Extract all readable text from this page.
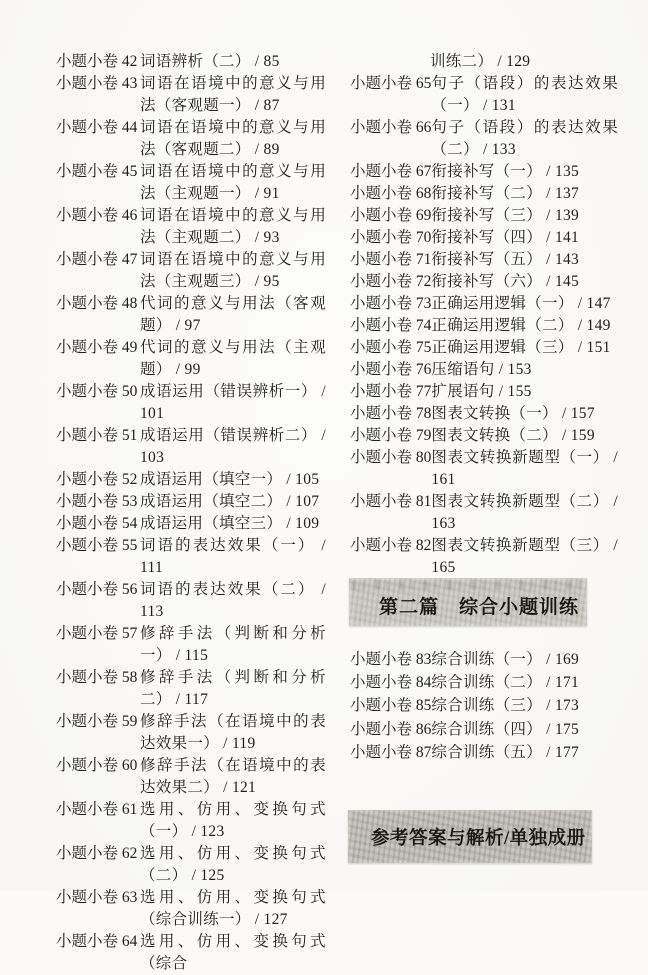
小题小卷 42 词语辨析（二） / 85
小题小卷 43 词语在语境中的意义与用法（客观题一） / 87
小题小卷 44 词语在语境中的意义与用法（客观题二） / 89
小题小卷 45 词语在语境中的意义与用法（主观题一） / 91
小题小卷 46 词语在语境中的意义与用法（主观题二） / 93
小题小卷 47 词语在语境中的意义与用法（主观题三） / 95
小题小卷 48 代词的意义与用法（客观题） / 97
小题小卷 49 代词的意义与用法（主观题） / 99
小题小卷 50 成语运用（错误辨析一） / 101
小题小卷 51 成语运用（错误辨析二） / 103
小题小卷 52 成语运用（填空一） / 105
小题小卷 53 成语运用（填空二） / 107
小题小卷 54 成语运用（填空三） / 109
小题小卷 55 词语的表达效果（一） / 111
小题小卷 56 词语的表达效果（二） / 113
小题小卷 57 修辞手法（判断和分析一） / 115
小题小卷 58 修辞手法（判断和分析二） / 117
小题小卷 59 修辞手法（在语境中的表达效果一） / 119
小题小卷 60 修辞手法（在语境中的表达效果二） / 121
小题小卷 61 选用、仿用、变换句式（一） / 123
小题小卷 62 选用、仿用、变换句式（二） / 125
小题小卷 63 选用、仿用、变换句式（综合训练一） / 127
小题小卷 64 选用、仿用、变换句式（综合
训练二） / 129
小题小卷 65 句子（语段）的表达效果（一） / 131
小题小卷 66 句子（语段）的表达效果（二） / 133
小题小卷 67 衔接补写（一） / 135
小题小卷 68 衔接补写（二） / 137
小题小卷 69 衔接补写（三） / 139
小题小卷 70 衔接补写（四） / 141
小题小卷 71 衔接补写（五） / 143
小题小卷 72 衔接补写（六） / 145
小题小卷 73 正确运用逻辑（一） / 147
小题小卷 74 正确运用逻辑（二） / 149
小题小卷 75 正确运用逻辑（三） / 151
小题小卷 76 压缩语句 / 153
小题小卷 77 扩展语句 / 155
小题小卷 78 图表文转换（一） / 157
小题小卷 79 图表文转换（二） / 159
小题小卷 80 图表文转换新题型（一） / 161
小题小卷 81 图表文转换新题型（二） / 163
小题小卷 82 图表文转换新题型（三） / 165
第二篇　综合小题训练
小题小卷 83 综合训练（一） / 169
小题小卷 84 综合训练（二） / 171
小题小卷 85 综合训练（三） / 173
小题小卷 86 综合训练（四） / 175
小题小卷 87 综合训练（五） / 177
参考答案与解析/单独成册
